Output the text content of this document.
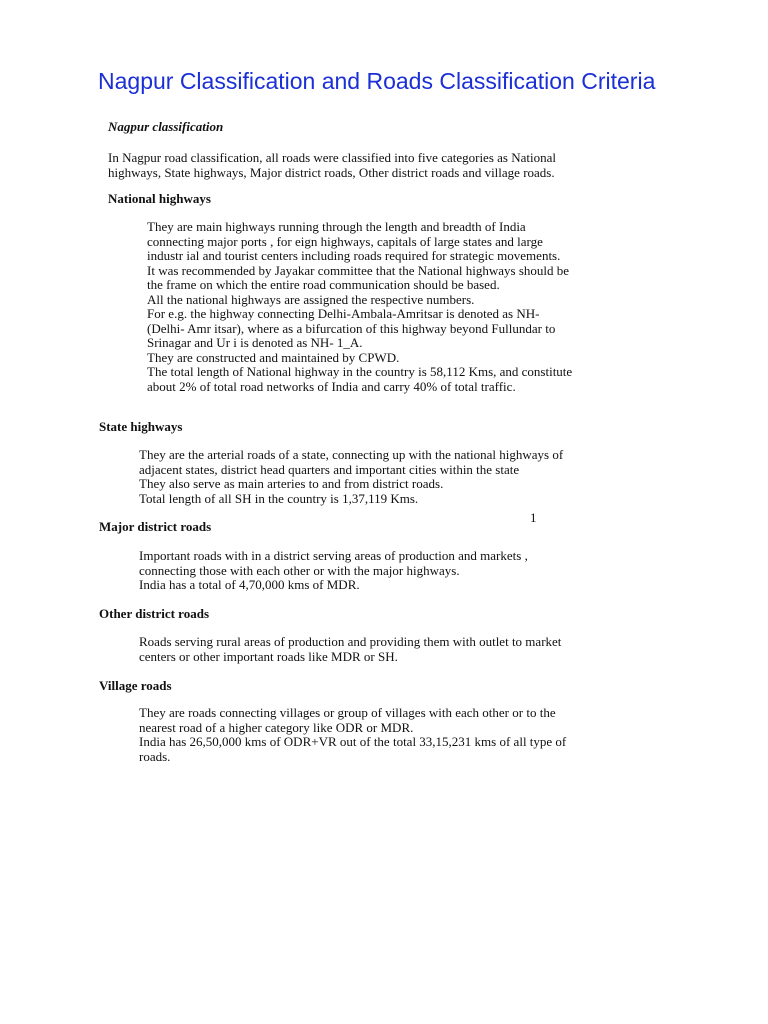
Nagpur Classification and Roads Classification Criteria
Nagpur classification
In Nagpur road classification, all roads were classified into five categories as National
highways, State highways, Major district roads, Other district roads and village roads.
National highways
They are main highways running through the length and breadth of India
connecting major ports , for eign highways, capitals of large states and large
industr ial and tourist centers including roads required for strategic movements.
It was recommended by Jayakar committee that the National highways should be
the frame on which the entire road communication should be based.
All the national highways are assigned the respective numbers.
For e.g. the highway connecting Delhi-Ambala-Amritsar is denoted as NH-
(Delhi- Amr itsar), where as a bifurcation of this highway beyond Fullundar to
Srinagar and Ur i is denoted as NH- 1_A.
They are constructed and maintained by CPWD.
The total length of National highway in the country is 58,112 Kms, and constitute
about 2% of total road networks of India and carry 40% of total traffic.
State highways
They are the arterial roads of a state, connecting up with the national highways of
adjacent states, district head quarters and important cities within the state
They also serve as main arteries to and from district roads.
Total length of all SH in the country is 1,37,119 Kms.
1
Major district roads
Important roads with in a district serving areas of production and markets ,
connecting those with each other or with the major highways.
India has a total of 4,70,000 kms of MDR.
Other district roads
Roads serving rural areas of production and providing them with outlet to market
centers or other important roads like MDR or SH.
Village roads
They are roads connecting villages or group of villages with each other or to the
nearest road of a higher category like ODR or MDR.
India has 26,50,000 kms of ODR+VR out of the total 33,15,231 kms of all type of
roads.
